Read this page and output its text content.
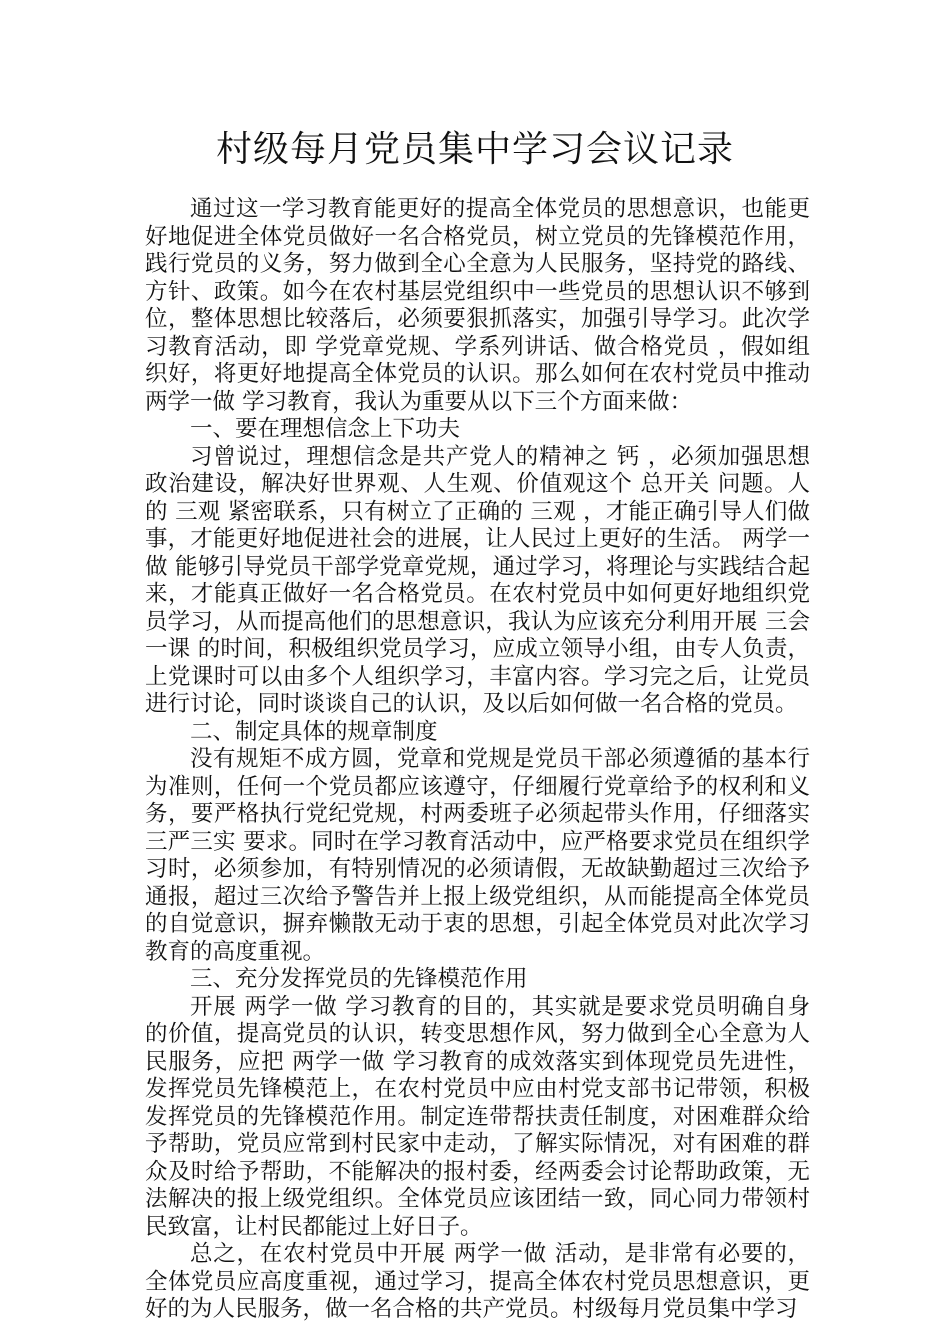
村级每月党员集中学习会议记录

通过这一学习教育能更好的提高全体党员的思想意识，也能更好地促进全体党员做好一名合格党员，树立党员的先锋模范作用，践行党员的义务，努力做到全心全意为人民服务，坚持党的路线、方针、政策。如今在农村基层党组织中一些党员的思想认识不够到位，整体思想比较落后，必须要狠抓落实，加强引导学习。此次学习教育活动，即 学党章党规、学系列讲话、做合格党员 ，假如组织好，将更好地提高全体党员的认识。那么如何在农村党员中推动 两学一做 学习教育，我认为重要从以下三个方面来做：

一、要在理想信念上下功夫

习曾说过，理想信念是共产党人的精神之 钙 ，必须加强思想政治建设，解决好世界观、人生观、价值观这个 总开关 问题。人的 三观 紧密联系，只有树立了正确的 三观 ，才能正确引导人们做事，才能更好地促进社会的进展，让人民过上更好的生活。 两学一做 能够引导党员干部学党章党规，通过学习，将理论与实践结合起来，才能真正做好一名合格党员。在农村党员中如何更好地组织党员学习，从而提高他们的思想意识，我认为应该充分利用开展 三会一课 的时间，积极组织党员学习，应成立领导小组，由专人负责，上党课时可以由多个人组织学习，丰富内容。学习完之后，让党员进行讨论，同时谈谈自己的认识，及以后如何做一名合格的党员。

二、制定具体的规章制度

没有规矩不成方圆，党章和党规是党员干部必须遵循的基本行为准则，任何一个党员都应该遵守，仔细履行党章给予的权利和义务，要严格执行党纪党规，村两委班子必须起带头作用，仔细落实 三严三实 要求。同时在学习教育活动中，应严格要求党员在组织学习时，必须参加，有特别情况的必须请假，无故缺勤超过三次给予通报，超过三次给予警告并上报上级党组织，从而能提高全体党员的自觉意识，摒弃懒散无动于衷的思想，引起全体党员对此次学习教育的高度重视。

三、充分发挥党员的先锋模范作用

开展 两学一做 学习教育的目的，其实就是要求党员明确自身的价值，提高党员的认识，转变思想作风，努力做到全心全意为人民服务，应把 两学一做 学习教育的成效落实到体现党员先进性，发挥党员先锋模范上，在农村党员中应由村党支部书记带领，积极发挥党员的先锋模范作用。制定连带帮扶责任制度，对困难群众给予帮助，党员应常到村民家中走动，了解实际情况，对有困难的群众及时给予帮助，不能解决的报村委，经两委会讨论帮助政策，无法解决的报上级党组织。全体党员应该团结一致，同心同力带领村民致富，让村民都能过上好日子。

总之，在农村党员中开展 两学一做 活动，是非常有必要的，全体党员应高度重视，通过学习，提高全体农村党员思想意识，更好的为人民服务，做一名合格的共产党员。村级每月党员集中学习
